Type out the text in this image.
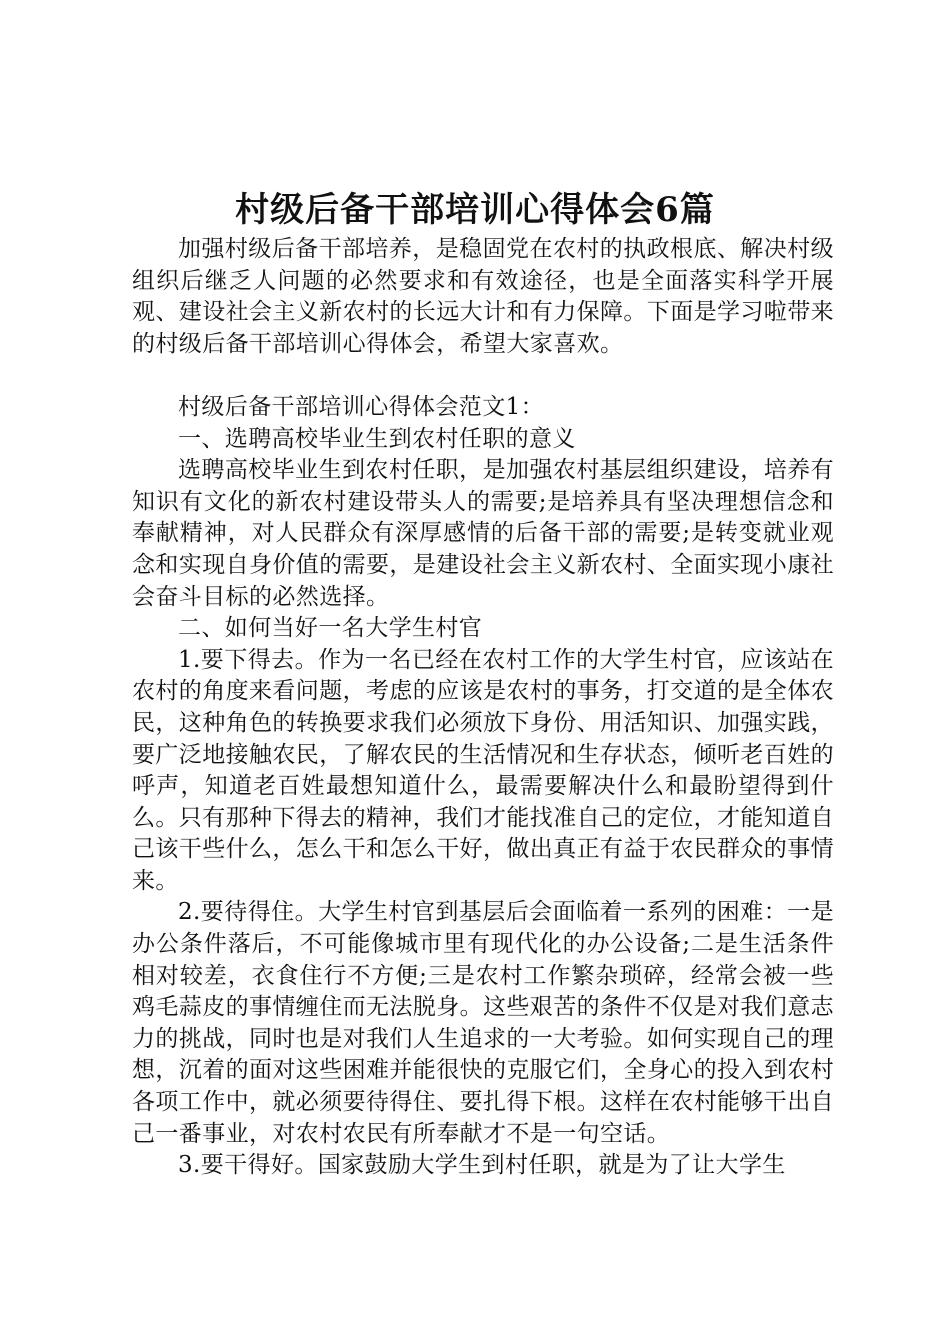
村级后备干部培训心得体会6篇

加强村级后备干部培养，是稳固党在农村的执政根底、解决村级组织后继乏人问题的必然要求和有效途径，也是全面落实科学开展观、建设社会主义新农村的长远大计和有力保障。下面是学习啦带来的村级后备干部培训心得体会，希望大家喜欢。

村级后备干部培训心得体会范文1：

一、选聘高校毕业生到农村任职的意义

选聘高校毕业生到农村任职，是加强农村基层组织建设，培养有知识有文化的新农村建设带头人的需要;是培养具有坚决理想信念和奉献精神，对人民群众有深厚感情的后备干部的需要;是转变就业观念和实现自身价值的需要，是建设社会主义新农村、全面实现小康社会奋斗目标的必然选择。

二、如何当好一名大学生村官

1.要下得去。作为一名已经在农村工作的大学生村官，应该站在农村的角度来看问题，考虑的应该是农村的事务，打交道的是全体农民，这种角色的转换要求我们必须放下身份、用活知识、加强实践，要广泛地接触农民，了解农民的生活情况和生存状态，倾听老百姓的呼声，知道老百姓最想知道什么，最需要解决什么和最盼望得到什么。只有那种下得去的精神，我们才能找准自己的定位，才能知道自己该干些什么，怎么干和怎么干好，做出真正有益于农民群众的事情来。

2.要待得住。大学生村官到基层后会面临着一系列的困难：一是办公条件落后，不可能像城市里有现代化的办公设备;二是生活条件相对较差，衣食住行不方便;三是农村工作繁杂琐碎，经常会被一些鸡毛蒜皮的事情缠住而无法脱身。这些艰苦的条件不仅是对我们意志力的挑战，同时也是对我们人生追求的一大考验。如何实现自己的理想，沉着的面对这些困难并能很快的克服它们，全身心的投入到农村各项工作中，就必须要待得住、要扎得下根。这样在农村能够干出自己一番事业，对农村农民有所奉献才不是一句空话。

3.要干得好。国家鼓励大学生到村任职，就是为了让大学生
